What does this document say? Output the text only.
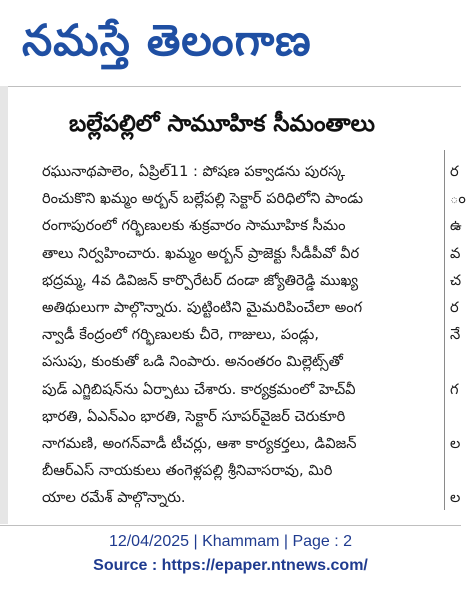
నమస్తే తెలంగాణ
బల్లేపల్లిలో సామూహిక సీమంతాలు
రఘునాథపాలెం, ఏప్రిల్11 : పోషణ పక్వాడను పురస్క
రించుకొని ఖమ్మం అర్బన్ బల్లేపల్లి సెక్టార్ పరిధిలోని పాండు
రంగాపురంలో గర్భిణులకు శుక్రవారం సామూహిక సీమం
తాలు నిర్వహించారు. ఖమ్మం అర్బన్ ప్రాజెక్టు సీడీపీవో వీర
భద్రమ్మ, 4వ డివిజన్ కార్పొరేటర్ దండా జ్యోతిరెడ్డి ముఖ్య
అతిథులుగా పాల్గొన్నారు. పుట్టింటిని మైమరిపించేలా అంగ
న్వాడీ కేంద్రంలో గర్భిణులకు చీరె, గాజులు, పండ్లు,
పసుపు, కుంకుతో ఒడి నింపారు. అనంతరం మిల్లెట్స్‌తో
పుడ్ ఎగ్జిబిషన్‌ను ఏర్పాటు చేశారు. కార్యక్రమంలో హెచ్‌వీ
భారతి, ఏఎన్ఎం భారతి, సెక్టార్ సూపర్‌వైజర్ చెరుకూరి
నాగమణి, అంగన్‌వాడీ టీచర్లు, ఆశా కార్యకర్తలు, డివిజన్
బీఆర్ఎస్ నాయకులు తంగెళ్లపల్లి శ్రీనివాసరావు, మిరి
యాల రమేశ్ పాల్గొన్నారు.
ర
ం
ఉ
వ
చ
ర
నే
గ
ల
ల
12/04/2025 | Khammam | Page : 2
Source : https://epaper.ntnews.com/
